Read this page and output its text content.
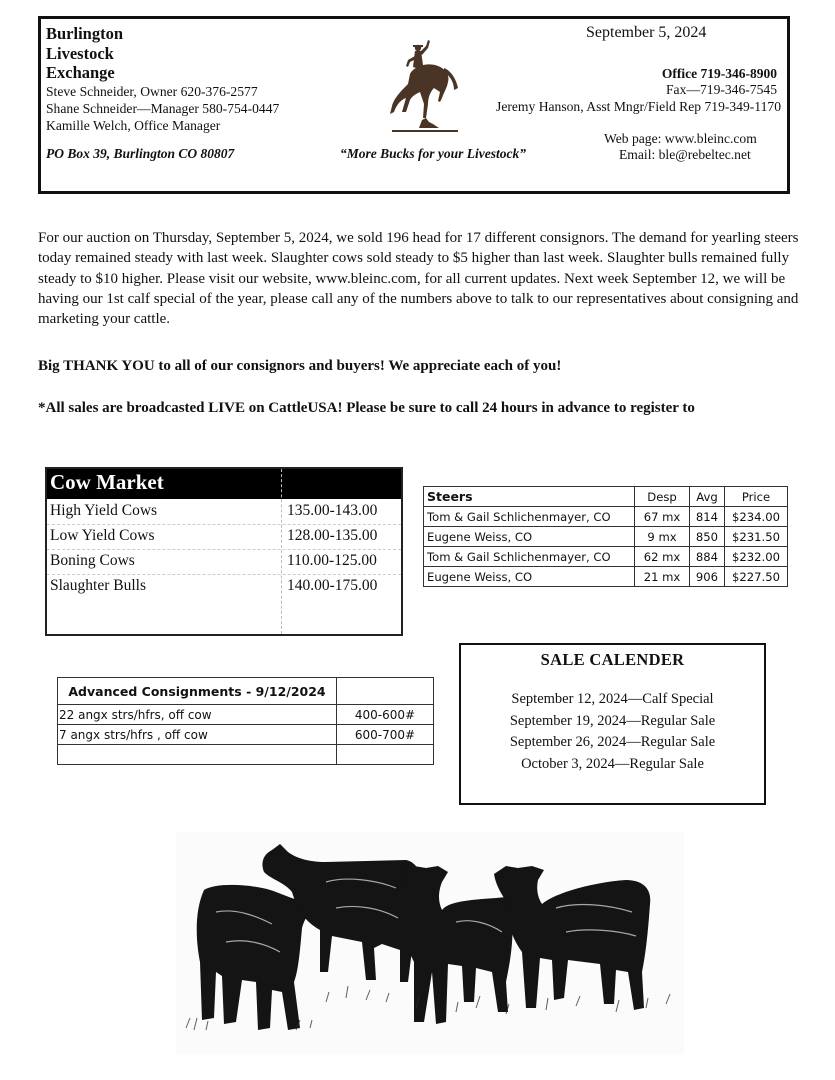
Burlington
Livestock
Exchange
Steve Schneider, Owner 620-376-2577
Shane Schneider—Manager 580-754-0447
Kamille Welch, Office Manager
PO Box 39, Burlington CO 80807	“More Bucks for your Livestock”
September 5, 2024
Office 719-346-8900
Fax—719-346-7545
Jeremy Hanson, Asst Mngr/Field Rep 719-349-1170
Web page: www.bleinc.com
Email: ble@rebeltec.net
For our auction on Thursday, September 5, 2024, we sold 196 head for 17 different consignors. The demand for yearling steers today remained steady with last week. Slaughter cows sold steady to $5 higher than last week. Slaughter bulls remained fully steady to $10 higher. Please visit our website, www.bleinc.com, for all current updates. Next week September 12, we will be having our 1st calf special of the year, please call any of the numbers above to talk to our representatives about consigning and marketing your cattle.
Big THANK YOU to all of our consignors and buyers! We appreciate each of you!
*All sales are broadcasted LIVE on CattleUSA! Please be sure to call 24 hours in advance to register to
Cow Market
High Yield Cows	135.00-143.00
Low Yield Cows	128.00-135.00
Boning Cows	110.00-125.00
Slaughter Bulls	140.00-175.00
Steers	Desp	Avg	Price
Tom & Gail Schlichenmayer, CO	67 mx	814	$234.00
Eugene Weiss, CO	9 mx	850	$231.50
Tom & Gail Schlichenmayer, CO	62 mx	884	$232.00
Eugene Weiss, CO	21 mx	906	$227.50
Advanced Consignments - 9/12/2024	
22 angx strs/hfrs, off cow	400-600#
7 angx strs/hfrs , off cow	600-700#

SALE CALENDER
September 12, 2024—Calf Special
September 19, 2024—Regular Sale
September 26, 2024—Regular Sale
October 3, 2024—Regular Sale
